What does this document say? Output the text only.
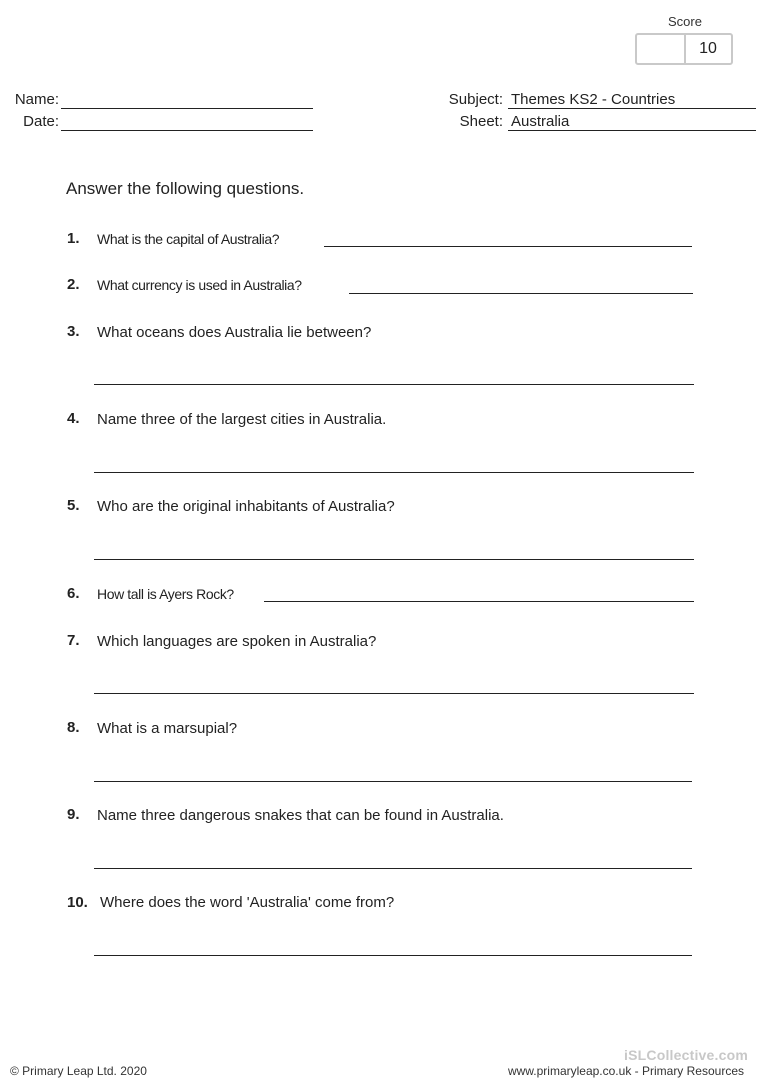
Score
10
Name:
Date:
Subject: Themes KS2 - Countries
Sheet: Australia
Answer the following questions.
1. What is the capital of Australia?
2. What currency is used in Australia?
3. What oceans does Australia lie between?
4. Name three of the largest cities in Australia.
5. Who are the original inhabitants of Australia?
6. How tall is Ayers Rock?
7. Which languages are spoken in Australia?
8. What is a marsupial?
9. Name three dangerous snakes that can be found in Australia.
10. Where does the word 'Australia' come from?
iSLCollective.com
© Primary Leap Ltd. 2020	www.primaryleap.co.uk - Primary Resources
